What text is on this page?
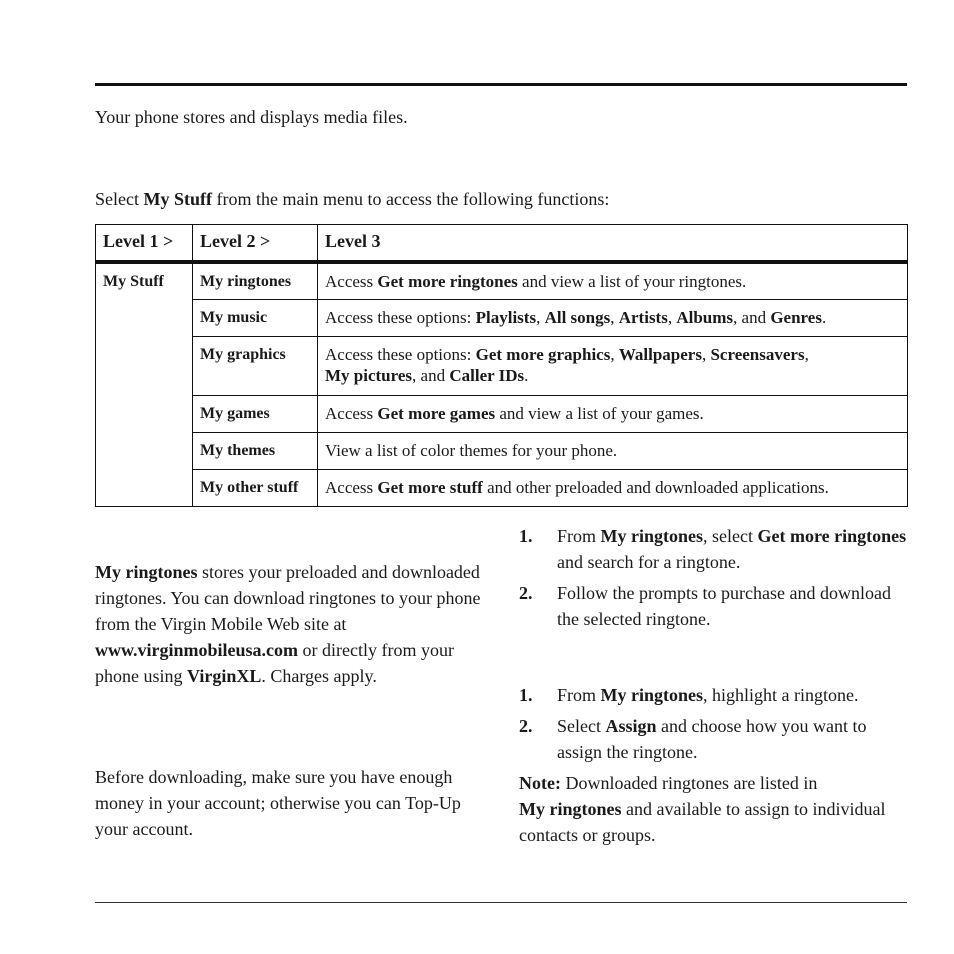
Your phone stores and displays media files.
Select My Stuff from the main menu to access the following functions:
Level 1 >	Level 2 >	Level 3
My Stuff	My ringtones	Access Get more ringtones and view a list of your ringtones.
	My music	Access these options: Playlists, All songs, Artists, Albums, and Genres.
	My graphics	Access these options: Get more graphics, Wallpapers, Screensavers,
My pictures, and Caller IDs.
	My games	Access Get more games and view a list of your games.
	My themes	View a list of color themes for your phone.
	My other stuff	Access Get more stuff and other preloaded and downloaded applications.
My ringtones stores your preloaded and downloaded ringtones. You can download ringtones to your phone from the Virgin Mobile Web site at www.virginmobileusa.com or directly from your phone using VirginXL. Charges apply.
Before downloading, make sure you have enough money in your account; otherwise you can Top-Up your account.
1. From My ringtones, select Get more ringtones and search for a ringtone.
2. Follow the prompts to purchase and download the selected ringtone.
1. From My ringtones, highlight a ringtone.
2. Select Assign and choose how you want to assign the ringtone.
Note: Downloaded ringtones are listed in
My ringtones and available to assign to individual contacts or groups.
